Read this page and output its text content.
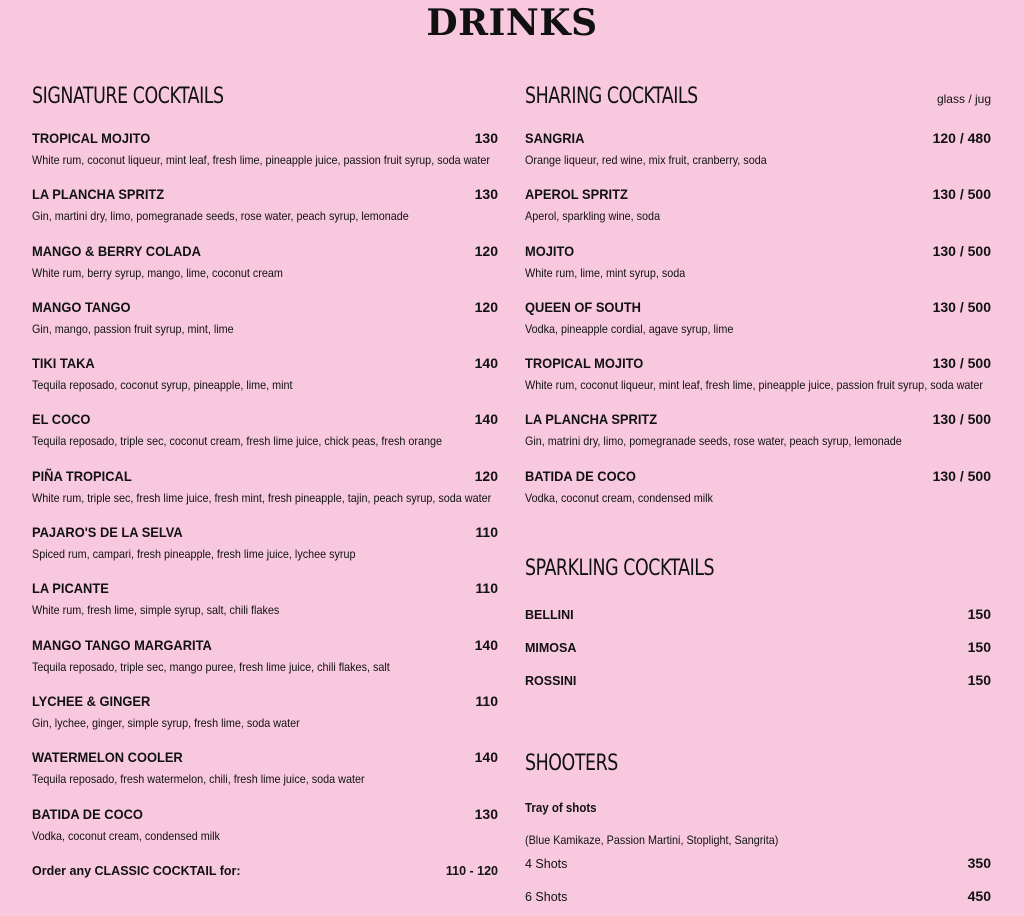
DRINKS
SIGNATURE COCKTAILS
TROPICAL MOJITO	130
White rum, coconut liqueur, mint leaf, fresh lime, pineapple juice, passion fruit syrup, soda water
LA PLANCHA SPRITZ	130
Gin, martini dry, limo, pomegranade seeds, rose water, peach syrup, lemonade
MANGO & BERRY COLADA	120
White rum, berry syrup, mango, lime, coconut cream
MANGO TANGO	120
Gin, mango, passion fruit syrup, mint, lime
TIKI TAKA	140
Tequila reposado, coconut syrup, pineapple, lime, mint
EL COCO	140
Tequila reposado, triple sec, coconut cream, fresh lime juice, chick peas, fresh orange
PIÑA TROPICAL	120
White rum, triple sec, fresh lime juice, fresh mint, fresh pineapple, tajin, peach syrup, soda water
PAJARO'S DE LA SELVA	110
Spiced rum, campari, fresh pineapple, fresh lime juice, lychee syrup
LA PICANTE	110
White rum, fresh lime, simple syrup, salt, chili flakes
MANGO TANGO MARGARITA	140
Tequila reposado, triple sec, mango puree, fresh lime juice, chili flakes, salt
LYCHEE & GINGER	110
Gin, lychee, ginger, simple syrup, fresh lime, soda water
WATERMELON COOLER	140
Tequila reposado, fresh watermelon, chili, fresh lime juice, soda water
BATIDA DE COCO	130
Vodka, coconut cream, condensed milk
Order any CLASSIC COCKTAIL for:	110 - 120
SHARING COCKTAILS	glass / jug
SANGRIA	120 / 480
Orange liqueur, red wine, mix fruit, cranberry, soda
APEROL SPRITZ	130 / 500
Aperol, sparkling wine, soda
MOJITO	130 / 500
White rum, lime, mint syrup, soda
QUEEN OF SOUTH	130 / 500
Vodka, pineapple cordial, agave syrup, lime
TROPICAL MOJITO	130 / 500
White rum, coconut liqueur, mint leaf, fresh lime, pineapple juice, passion fruit syrup, soda water
LA PLANCHA SPRITZ	130 / 500
Gin, matrini dry, limo, pomegranade seeds, rose water, peach syrup, lemonade
BATIDA DE COCO	130 / 500
Vodka, coconut cream, condensed milk
SPARKLING COCKTAILS
BELLINI	150
MIMOSA	150
ROSSINI	150
SHOOTERS
Tray of shots
(Blue Kamikaze, Passion Martini, Stoplight, Sangrita)
4 Shots	350
6 Shots	450
